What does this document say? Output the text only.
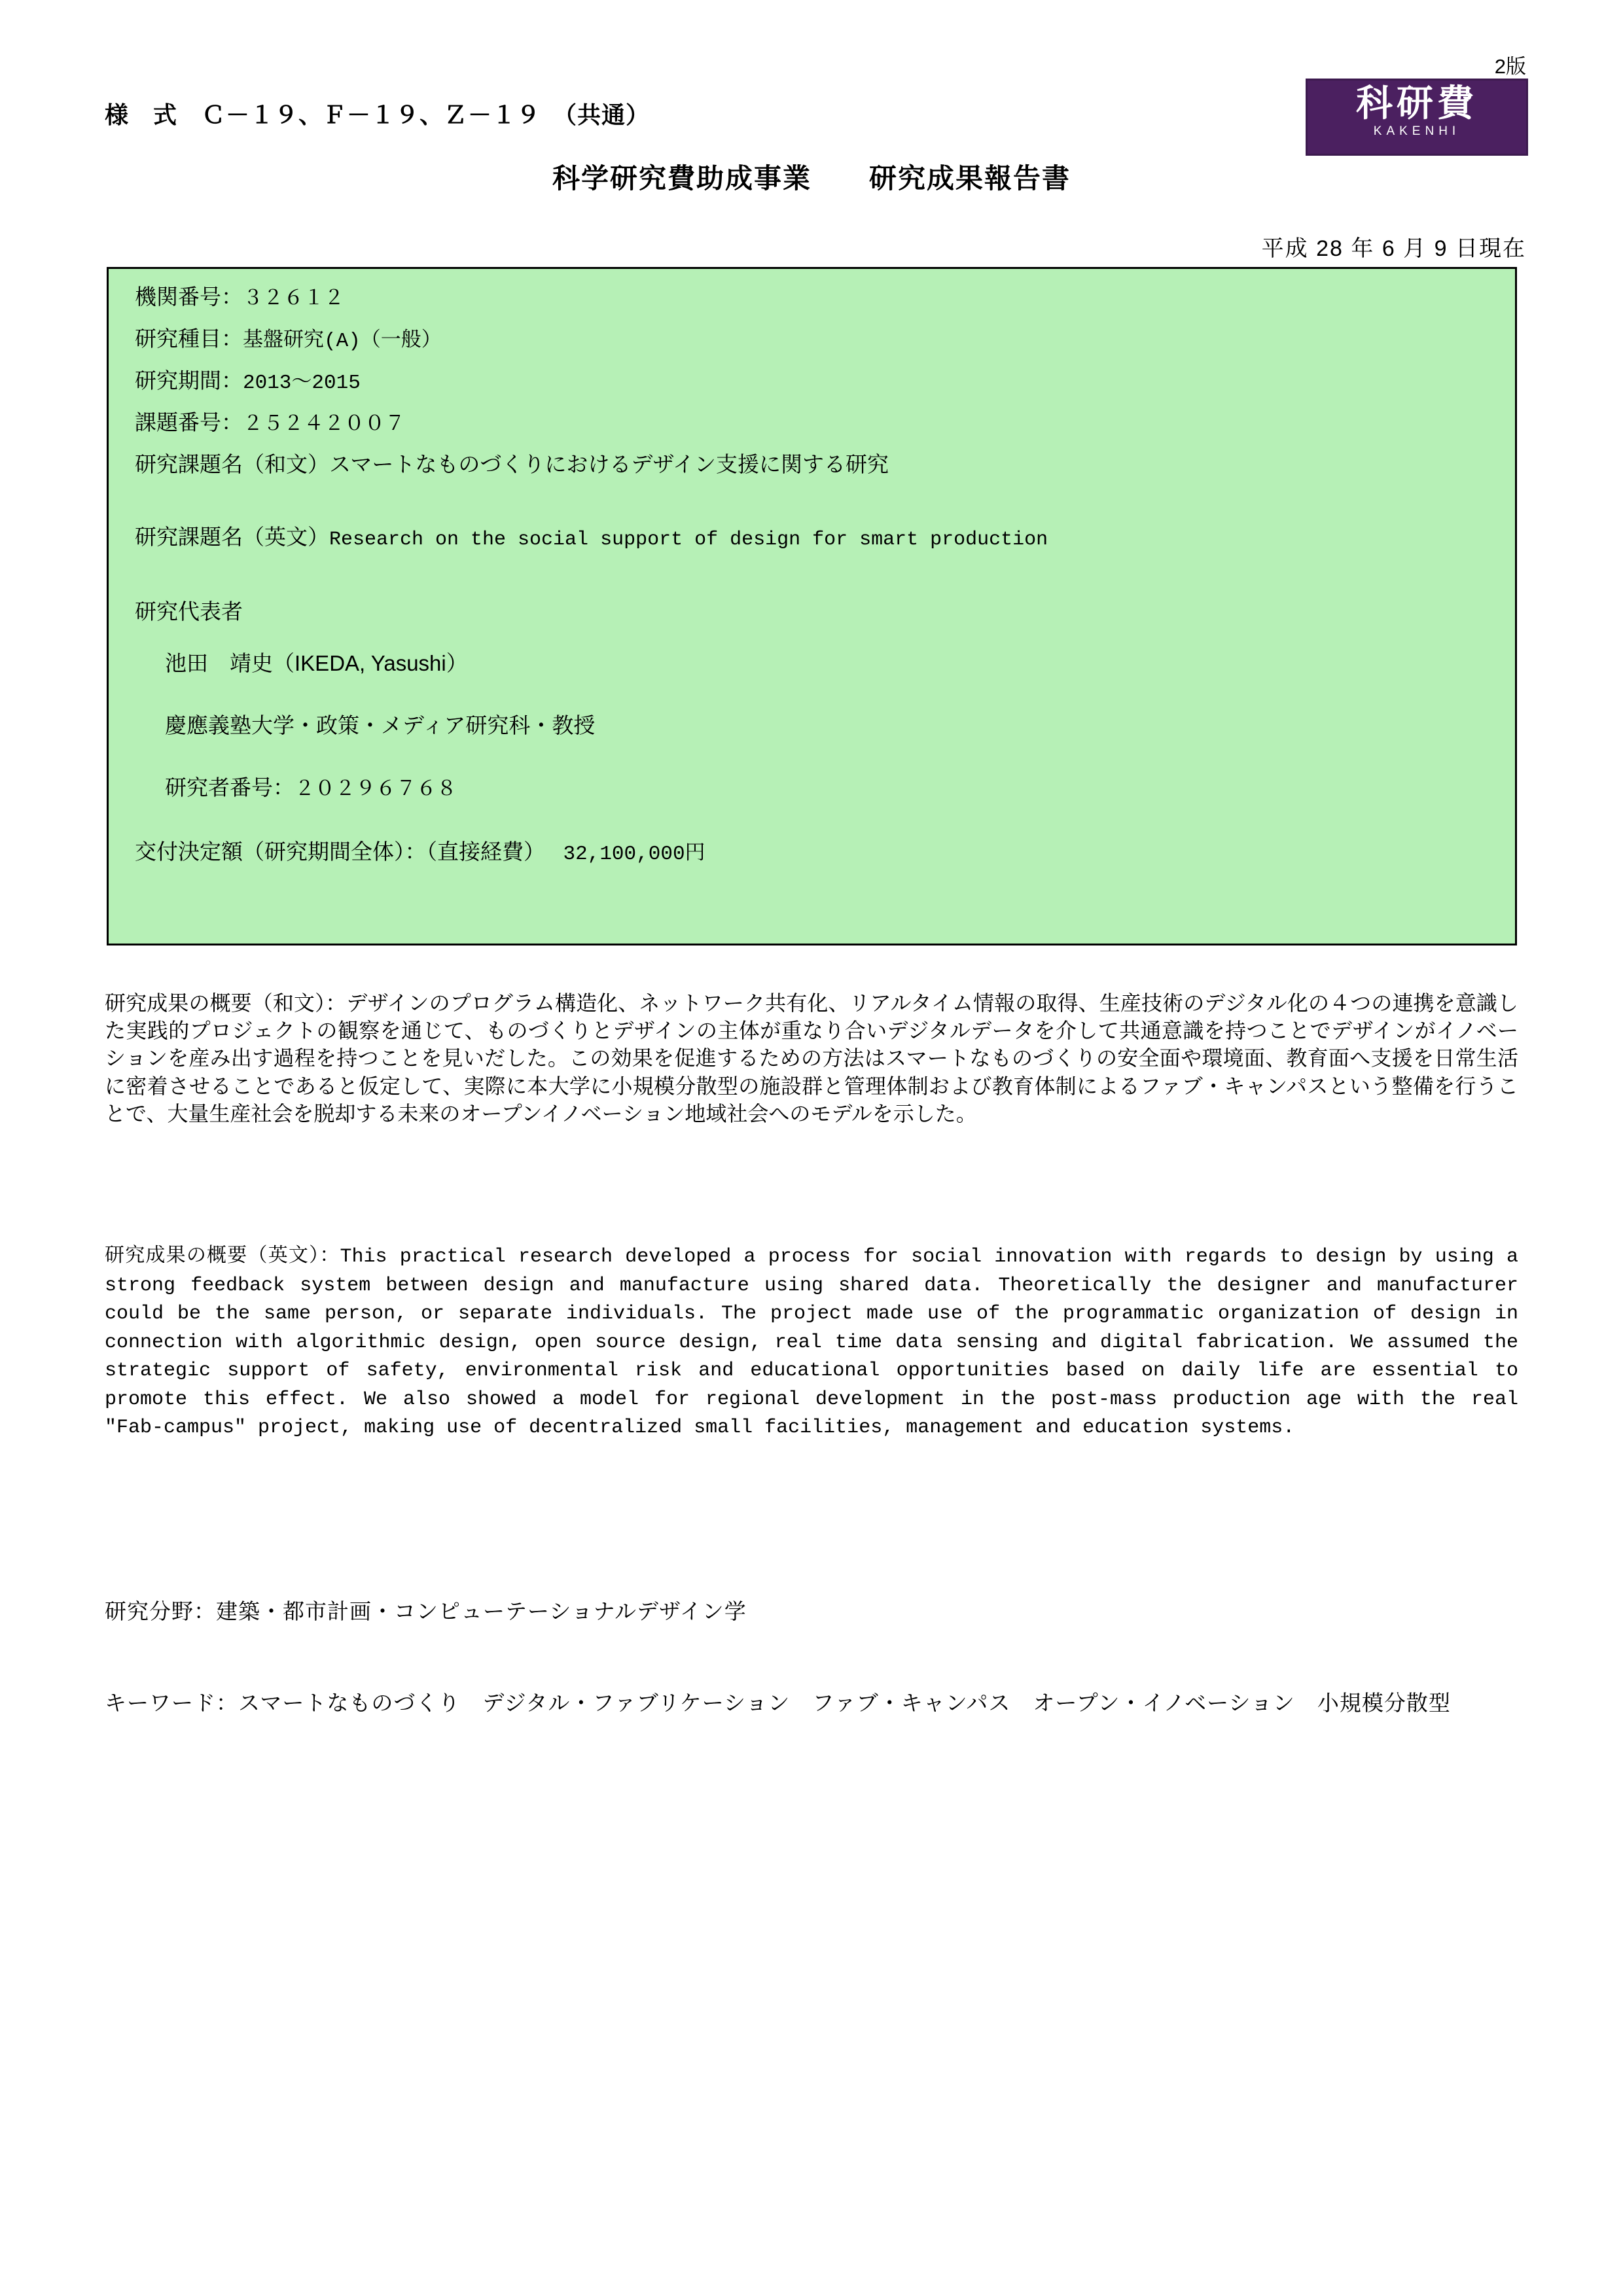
2版
様　式　Ｃ－１９、Ｆ－１９、Ｚ－１９　（共通）
科学研究費助成事業　　研究成果報告書
科研費
KAKENHI
平成 28 年 6 月 9 日現在
機関番号：３２６１２
研究種目：基盤研究(A)（一般）
研究期間：2013～2015
課題番号：２５２４２００７
研究課題名（和文）スマートなものづくりにおけるデザイン支援に関する研究
研究課題名（英文）Research on the social support of design for smart production
研究代表者
池田　靖史（IKEDA, Yasushi）
慶應義塾大学・政策・メディア研究科・教授
研究者番号：２０２９６７６８
交付決定額（研究期間全体）：（直接経費） 32,100,000円
研究成果の概要（和文）：デザインのプログラム構造化、ネットワーク共有化、リアルタイム情報の取得、生産技術のデジタル化の４つの連携を意識した実践的プロジェクトの観察を通じて、ものづくりとデザインの主体が重なり合いデジタルデータを介して共通意識を持つことでデザインがイノベーションを産み出す過程を持つことを見いだした。この効果を促進するための方法はスマートなものづくりの安全面や環境面、教育面へ支援を日常生活に密着させることであると仮定して、実際に本大学に小規模分散型の施設群と管理体制および教育体制によるファブ・キャンパスという整備を行うことで、大量生産社会を脱却する未来のオープンイノベーション地域社会へのモデルを示した。
研究成果の概要（英文）：This practical research developed a process for social innovation with regards to design by using a strong feedback system between design and manufacture using shared data. Theoretically the designer and manufacturer could be the same person, or separate individuals. The project made use of the programmatic organization of design in connection with algorithmic design, open source design, real time data sensing and digital fabrication. We assumed the strategic support of safety, environmental risk and educational opportunities based on daily life are essential to promote this effect. We also showed a model for regional development in the post-mass production age with the real "Fab-campus" project, making use of decentralized small facilities, management and education systems.
研究分野：建築・都市計画・コンピューテーショナルデザイン学
キーワード：スマートなものづくり　デジタル・ファブリケーション　ファブ・キャンパス　オープン・イノベーション　小規模分散型
